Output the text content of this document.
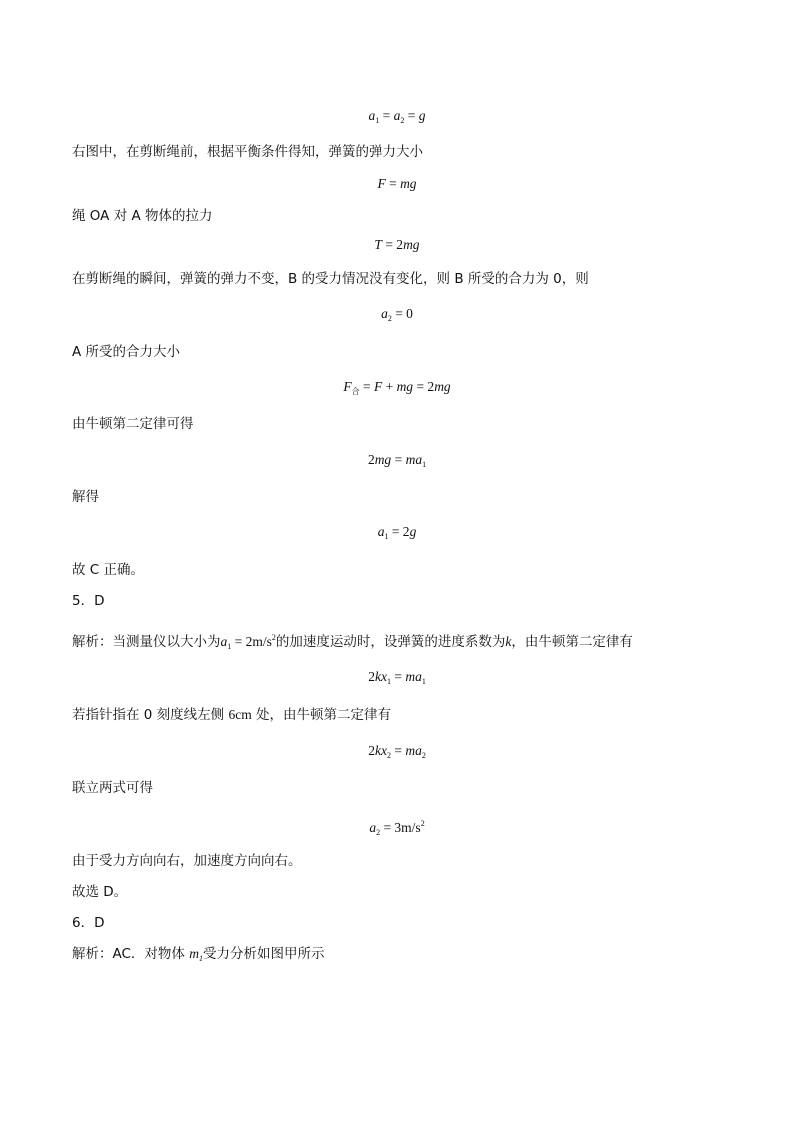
$a_1 = a_2 = g$
右图中，在剪断绳前，根据平衡条件得知，弹簧的弹力大小
F = mg
绳 OA 对 A 物体的拉力
T = 2mg
在剪断绳的瞬间，弹簧的弹力不变，B 的受力情况没有变化，则 B 所受的合力为 0，则
$a_2 = 0$
A 所受的合力大小
$F_合 = F$ + mg = 2mg
由牛顿第二定律可得
$2mg = ma_1$
解得
$a_1 = 2g$
故 C 正确。
5．D
解析：当测量仪以大小为$a_1 = 2m/s^2$的加速度运动时，设弹簧的进度系数为k，由牛顿第二定律有
$2kx_1 = ma_1$
若指针指在 0 刻度线左侧 6cm 处，由牛顿第二定律有
$2kx_2 = ma_2$
联立两式可得
$a_2 = 3m/s^2$
由于受力方向向右，加速度方向向右。
故选 D。
6．D
解析：AC．对物体 $m_1$受力分析如图甲所示
